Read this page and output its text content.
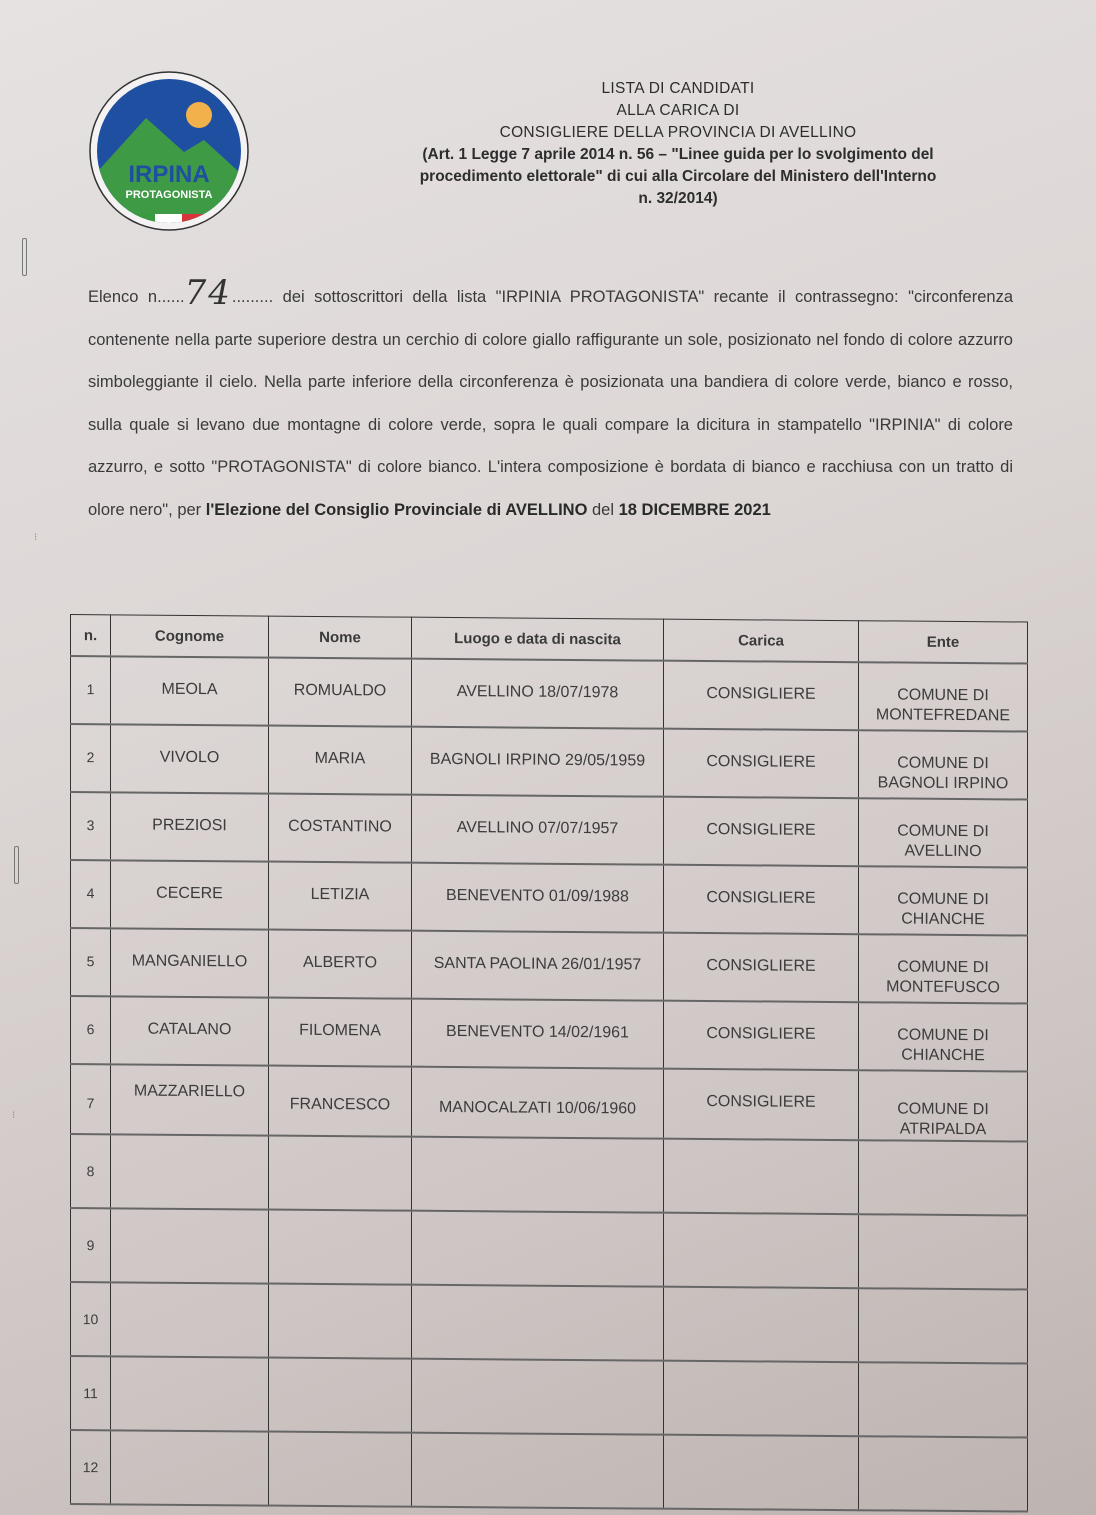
IRPINA
PROTAGONISTA
LISTA DI CANDIDATI
ALLA CARICA DI
CONSIGLIERE DELLA PROVINCIA DI AVELLINO
(Art. 1 Legge 7 aprile 2014 n. 56 – "Linee guida per lo svolgimento del
procedimento elettorale" di cui alla Circolare del Ministero dell'Interno
n. 32/2014)
⁝
⁝
Elenco n......74......... dei sottoscrittori della lista "IRPINIA PROTAGONISTA" recante il contrassegno: "circonferenza contenente nella parte superiore destra un cerchio di colore giallo raffigurante un sole, posizionato nel fondo di colore azzurro simboleggiante il cielo. Nella parte inferiore della circonferenza è posizionata una bandiera di colore verde, bianco e rosso, sulla quale si levano due montagne di colore verde, sopra le quali compare la dicitura in stampatello "IRPINIA" di colore azzurro, e sotto "PROTAGONISTA" di colore bianco. L'intera composizione è bordata di bianco e racchiusa con un tratto di olore nero", per l'Elezione del Consiglio Provinciale di AVELLINO del 18 DICEMBRE 2021
n.	Cognome	Nome	Luogo e data di nascita	Carica	Ente
1	MEOLA	ROMUALDO	AVELLINO 18/07/1978	CONSIGLIERE	COMUNE DI
MONTEFREDANE

2	VIVOLO	MARIA	BAGNOLI IRPINO 29/05/1959	CONSIGLIERE	COMUNE DI
BAGNOLI IRPINO

3	PREZIOSI	COSTANTINO	AVELLINO 07/07/1957	CONSIGLIERE	COMUNE DI
AVELLINO

4	CECERE	LETIZIA	BENEVENTO 01/09/1988	CONSIGLIERE	COMUNE DI
CHIANCHE

5	MANGANIELLO	ALBERTO	SANTA PAOLINA 26/01/1957	CONSIGLIERE	COMUNE DI
MONTEFUSCO

6	CATALANO	FILOMENA	BENEVENTO 14/02/1961	CONSIGLIERE	COMUNE DI
CHIANCHE

7	MAZZARIELLO	FRANCESCO	MANOCALZATI 10/06/1960	CONSIGLIERE	COMUNE DI
ATRIPALDA

8					
9					
10					
11					
12					
